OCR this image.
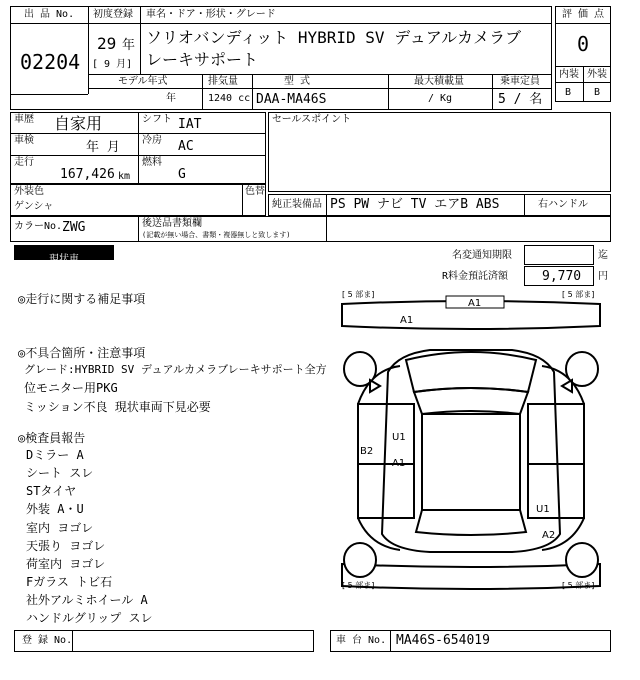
出 品 No.
02204
初度登録
29 年
[ 9 月]
車名・ドア・形状・グレード
ソリオバンディット HYBRID SV デュアルカメラブ
レーキサポート
モデル年式
年
排気量
1240 cc
型 式
DAA-MA46S
最大積載量
/ Kg
乗車定員
5 / 名
評 価 点
0
内装 外装
B B
車歴 自家用	シフト IAT
車検	年 月 冷房 AC
走行
167,426 km
燃料
G
セールスポイント
外装色
ゲンシャ
色替
純正装備品 PS PW ナビ TV エアB ABS	右ハンドル
カラーNo. ZWG	後送品書類欄
(記載が無い場合、書類・複器無しと致します)
現状車	名変通知期限	迄
R料金預託済額	9,770 円
◎走行に関する補足事項
◎不具合箇所・注意事項
グレード:HYBRID SV デュアルカメラブレーキサポート全方
位モニター用PKG
ミッション不良 現状車両下見必要
◎検査員報告
Dミラー A
シート スレ
STタイヤ
外装 A・U
室内 ヨゴレ
天張り ヨゴレ
荷室内 ヨゴレ
Fガラス トビ石
社外アルミホイール A
ハンドルグリップ スレ
[ 5 部ま]	[ 5 部ま]
[ 5 部ま]	[ 5 部ま]
A1
A1
B2
U1
A1
U1
A2
登 録 No.	車 台 No. MA46S-654019
